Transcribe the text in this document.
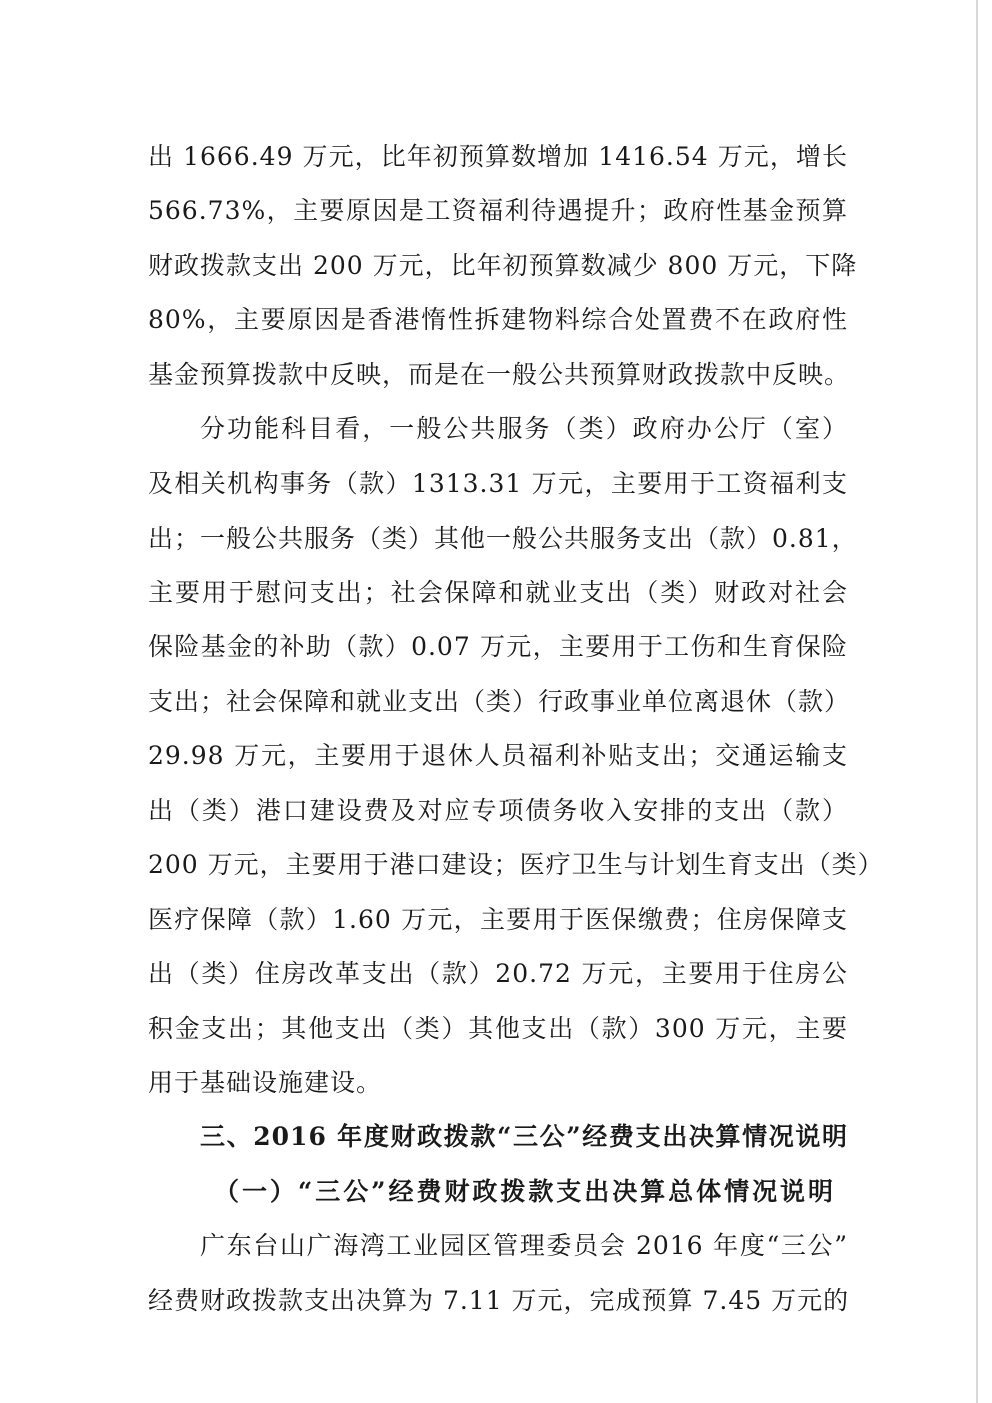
出 1666.49 万元，比年初预算数增加 1416.54 万元，增长
566.73%，主要原因是工资福利待遇提升；政府性基金预算
财政拨款支出 200 万元，比年初预算数减少 800 万元，下降
80%，主要原因是香港惰性拆建物料综合处置费不在政府性
基金预算拨款中反映，而是在一般公共预算财政拨款中反映。
分功能科目看，一般公共服务（类）政府办公厅（室）
及相关机构事务（款）1313.31 万元，主要用于工资福利支
出；一般公共服务（类）其他一般公共服务支出（款）0.81，
主要用于慰问支出；社会保障和就业支出（类）财政对社会
保险基金的补助（款）0.07 万元，主要用于工伤和生育保险
支出；社会保障和就业支出（类）行政事业单位离退休（款）
29.98 万元，主要用于退休人员福利补贴支出；交通运输支
出（类）港口建设费及对应专项债务收入安排的支出（款）
200 万元，主要用于港口建设；医疗卫生与计划生育支出（类）
医疗保障（款）1.60 万元，主要用于医保缴费；住房保障支
出（类）住房改革支出（款）20.72 万元，主要用于住房公
积金支出；其他支出（类）其他支出（款）300 万元，主要
用于基础设施建设。
三、2016 年度财政拨款“三公”经费支出决算情况说明
（一）“三公”经费财政拨款支出决算总体情况说明
广东台山广海湾工业园区管理委员会 2016 年度“三公”
经费财政拨款支出决算为 7.11 万元，完成预算 7.45 万元的
